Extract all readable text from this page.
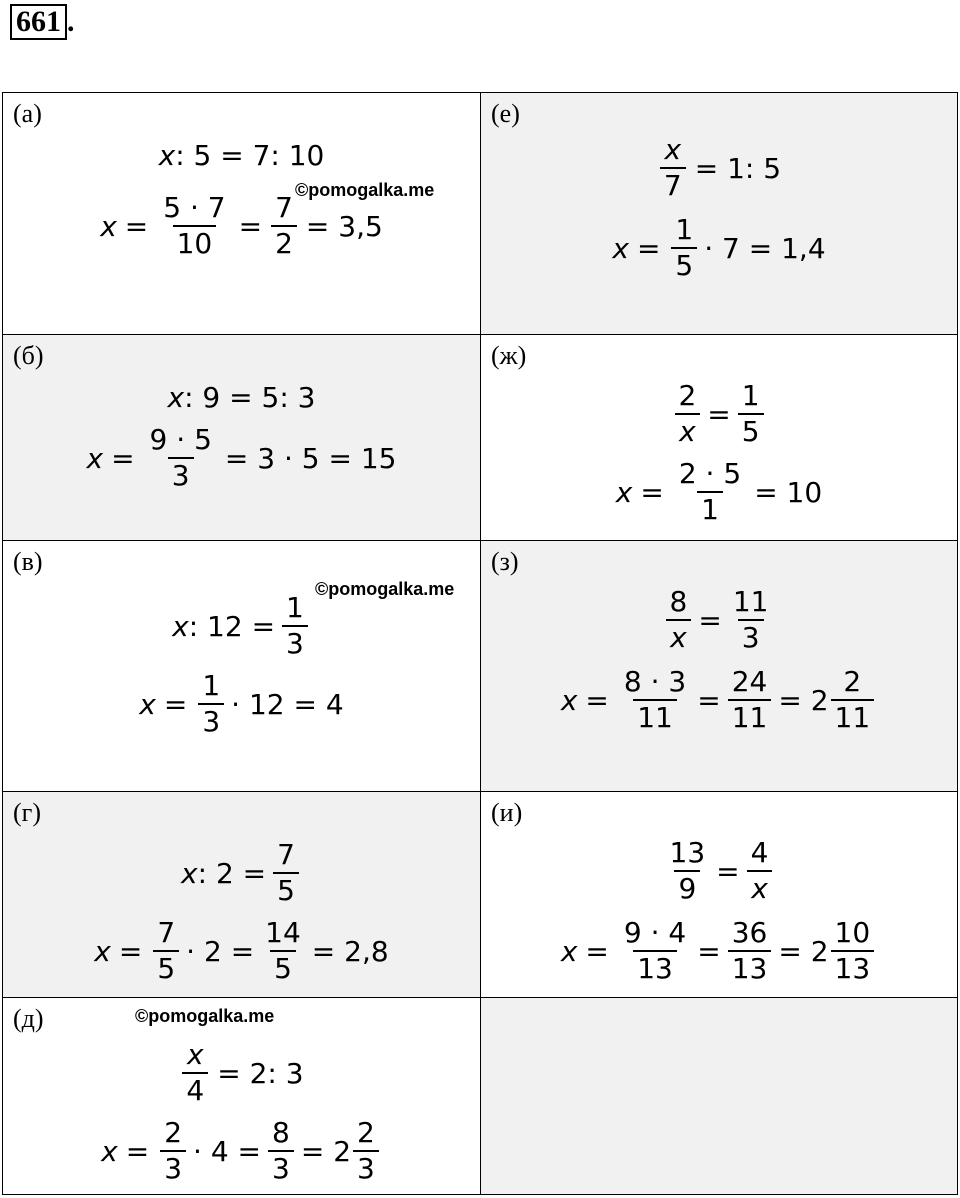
661 .
(а)
x : 5 = 7: 10
©pomogalka.me
$x = \frac{5 \cdot 7}{10} = \frac{7}{2} = 3,5$
(е)
$\frac{x}{7} = 1$: 5
$x = \frac{1}{5} \cdot 7 = 1,4$
(б)
x : 9 = 5: 3
$x = \frac{9 \cdot 5}{3} = 3 \cdot 5 = 15$
(ж)
$\frac{2}{x} = \frac{1}{5}$
$x = \frac{2 \cdot 5}{1} = 10$
(в)
©pomogalka.me
x : $12 = \frac{1}{3}$
$x = \frac{1}{3} \cdot 12 = 4$
(з)
$\frac{8}{x} = \frac{11}{3}$
$x = \frac{8 \cdot 3}{11} = \frac{24}{11} = 2 \frac{2}{11}$
(г)
x : $2 = \frac{7}{5}$
$x = \frac{7}{5} \cdot 2 = \frac{14}{5} = 2,8$
(и)
$\frac{13}{9} = \frac{4}{x}$
$x = \frac{9 \cdot 4}{13} = \frac{36}{13} = 2 \frac{10}{13}$
(д)	©pomogalka.me
$\frac{x}{4} = 2$: 3
$x = \frac{2}{3} \cdot 4 = \frac{8}{3} = 2 \frac{2}{3}$
